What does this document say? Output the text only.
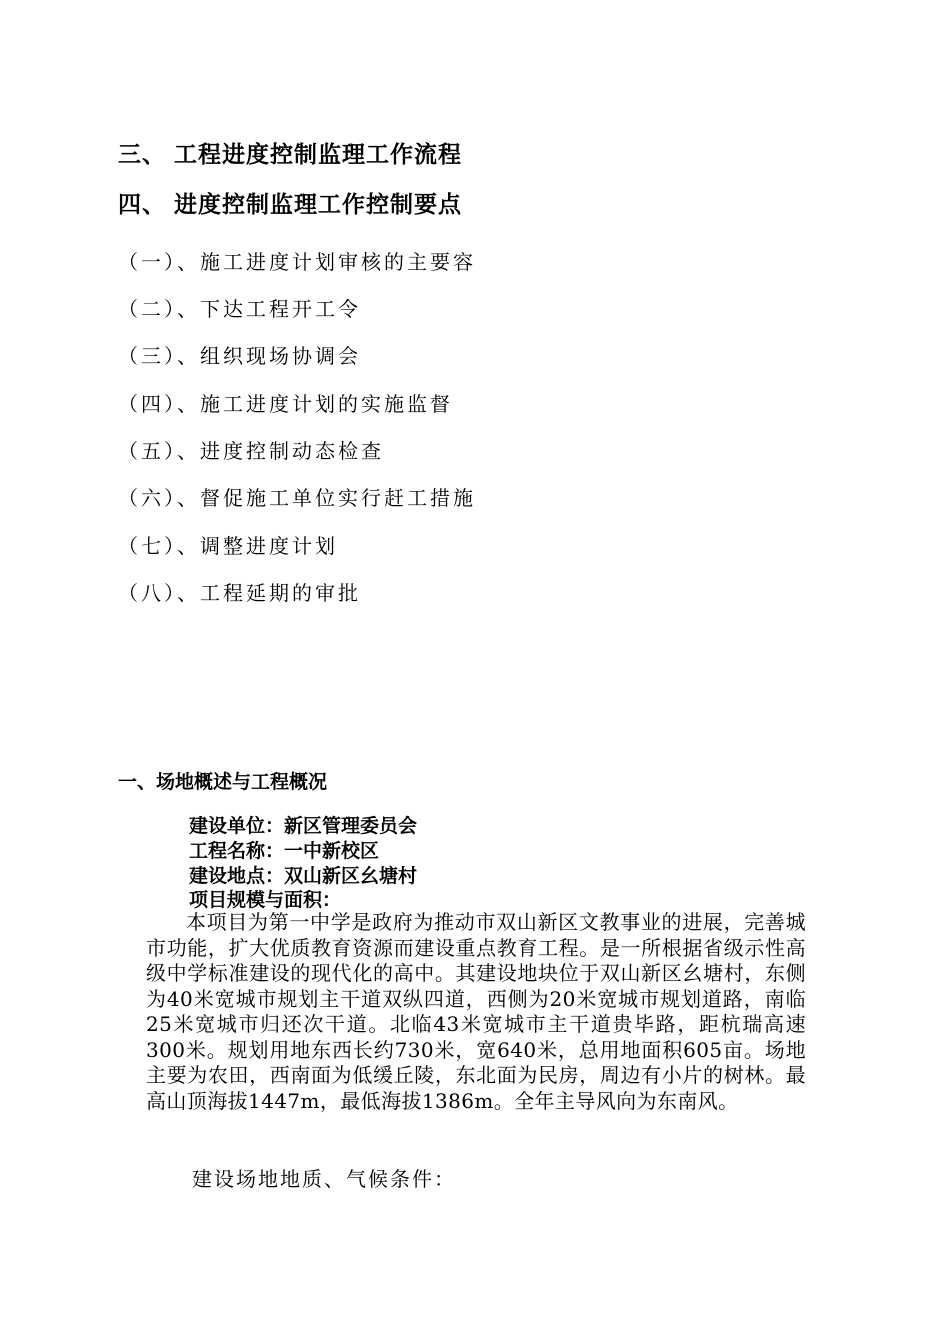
三、 工程进度控制监理工作流程
四、 进度控制监理工作控制要点
（一）、施工进度计划审核的主要容
（二）、下达工程开工令
（三）、组织现场协调会
（四）、施工进度计划的实施监督
（五）、进度控制动态检查
（六）、督促施工单位实行赶工措施
（七）、调整进度计划
（八）、工程延期的审批
一、场地概述与工程概况
建设单位：新区管理委员会
工程名称：一中新校区
建设地点：双山新区幺塘村
项目规模与面积：

本项目为第一中学是政府为推动市双山新区文教事业的进展，完善城市功能，扩大优质教育资源而建设重点教育工程。是一所根据省级示性高级中学标准建设的现代化的高中。其建设地块位于双山新区幺塘村，东侧为40米宽城市规划主干道双纵四道，西侧为20米宽城市规划道路，南临25米宽城市归还次干道。北临43米宽城市主干道贵毕路，距杭瑞高速300米。规划用地东西长约730米，宽640米，总用地面积605亩。场地主要为农田，西南面为低缓丘陵，东北面为民房，周边有小片的树林。最高山顶海拔1447m，最低海拔1386m。全年主导风向为东南风。

建设场地地质、气候条件：
